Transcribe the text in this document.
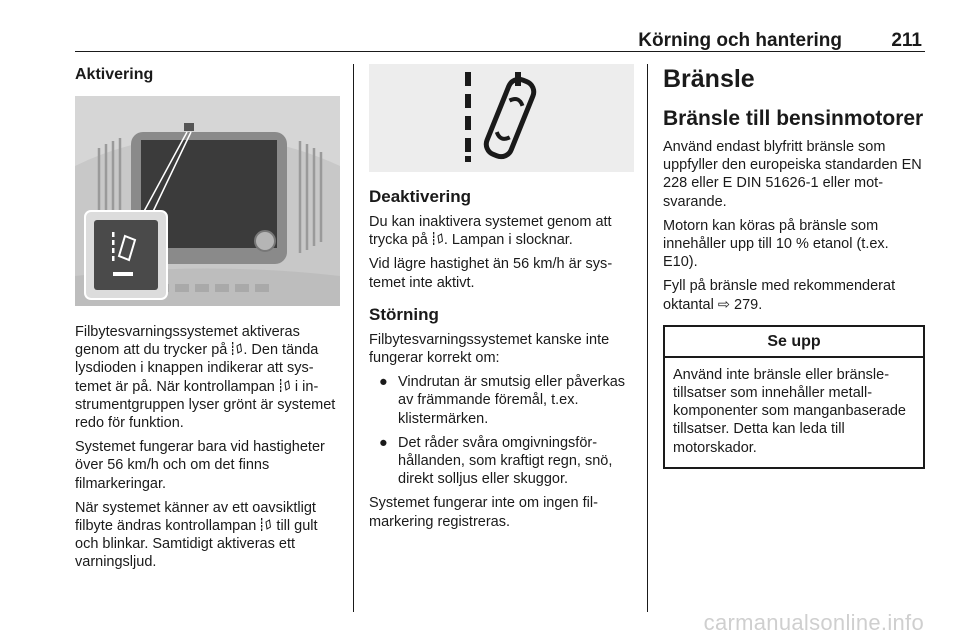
Körning och hantering	211
Aktivering

Filbytesvarningssystemet aktiveras genom att du trycker på . Den tända lysdioden i knappen indikerar att systemet är på. När kontrollampan  i instrumentgruppen lyser grönt är systemet redo för funktion.

Systemet fungerar bara vid hastigheter över 56 km/h och om det finns filmarkeringar.

När systemet känner av ett oavsiktligt filbyte ändras kontrollampan  till gult och blinkar. Samtidigt aktiveras ett varningsljud.

Deaktivering

Du kan inaktivera systemet genom att trycka på . Lampan i slocknar.

Vid lägre hastighet än 56 km/h är systemet inte aktivt.

Störning

Filbytesvarningssystemet kanske inte fungerar korrekt om:

● Vindrutan är smutsig eller påverkas av främmande föremål, t.ex. klistermärken.
● Det råder svåra omgivningsförhållanden, som kraftigt regn, snö, direkt solljus eller skuggor.

Systemet fungerar inte om ingen filmarkering registreras.

Bränsle
Bränsle till bensinmotorer

Använd endast blyfritt bränsle som uppfyller den europeiska standarden EN 228 eller E DIN 51626-1 eller motsvarande.

Motorn kan köras på bränsle som innehåller upp till 10 % etanol (t.ex. E10).

Fyll på bränsle med rekommenderat oktantal ⇨ 279.

Se upp
Använd inte bränsle eller bränsletillsatser som innehåller metallkomponenter som manganbaserade tillsatser. Detta kan leda till motorskador.
carmanualsonline.info
